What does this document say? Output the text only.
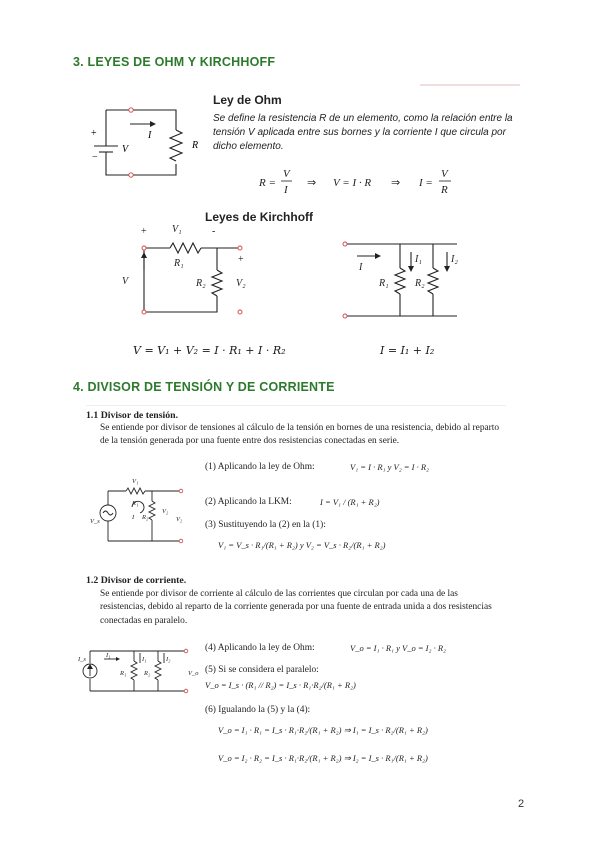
3. LEYES DE OHM Y KIRCHHOFF
+
−
V
I
R
Ley de Ohm
Se define la resistencia R de un elemento, como la relación entre la tensión V aplicada entre sus bornes y la corriente I que circula por dicho elemento.
R =
V
I
⇒ V = I · R ⇒ I =
V
R
Leyes de Kirchhoff
V₁
R₁
R₂	V₂
V
+
+
-
I
I₁	I₂
R₁	R₂
V = V₁ + V₂ = I · R₁ + I · R₂	I = I₁ + I₂
4. DIVISOR DE TENSIÓN Y DE CORRIENTE
1.1 Divisor de tensión.
Se entiende por divisor de tensiones al cálculo de la tensión en bornes de una resistencia, debido al reparto de la tensión generada por una fuente entre dos resistencias conectadas en serie.
(1) Aplicando la ley de Ohm:	V₁ = I · R₁ y V₂ = I · R₂
V₁
R₁
R₂
V₂
V₂
V_s
I
(2) Aplicando la LKM:	I = V₁ / (R₁ + R₂)
(3) Sustituyendo la (2) en la (1):
V₁ = V_s · R₁/(R₁ + R₂) y V₂ = V_s · R₂/(R₁ + R₂)
1.2 Divisor de corriente.
Se entiende por divisor de corriente al cálculo de las corrientes que circulan por cada una de las resistencias, debido al reparto de la corriente generada por una fuente de entrada unida a dos resistencias conectadas en paralelo.
I_s
I₁
I₁	I₂
R₁	R₂	V_o
(4) Aplicando la ley de Ohm:	V_o = I₁ · R₁ y V_o = I₂ · R₂
(5) Si se considera el paralelo:
V_o = I_s · (R₁ // R₂) = I_s · R₁·R₂/(R₁ + R₂)
(6) Igualando la (5) y la (4):
V_o = I₁ · R₁ = I_s · R₁·R₂/(R₁ + R₂) ⇒ I₁ = I_s · R₂/(R₁ + R₂)
V_o = I₂ · R₂ = I_s · R₁·R₂/(R₁ + R₂) ⇒ I₂ = I_s · R₁/(R₁ + R₂)
2
